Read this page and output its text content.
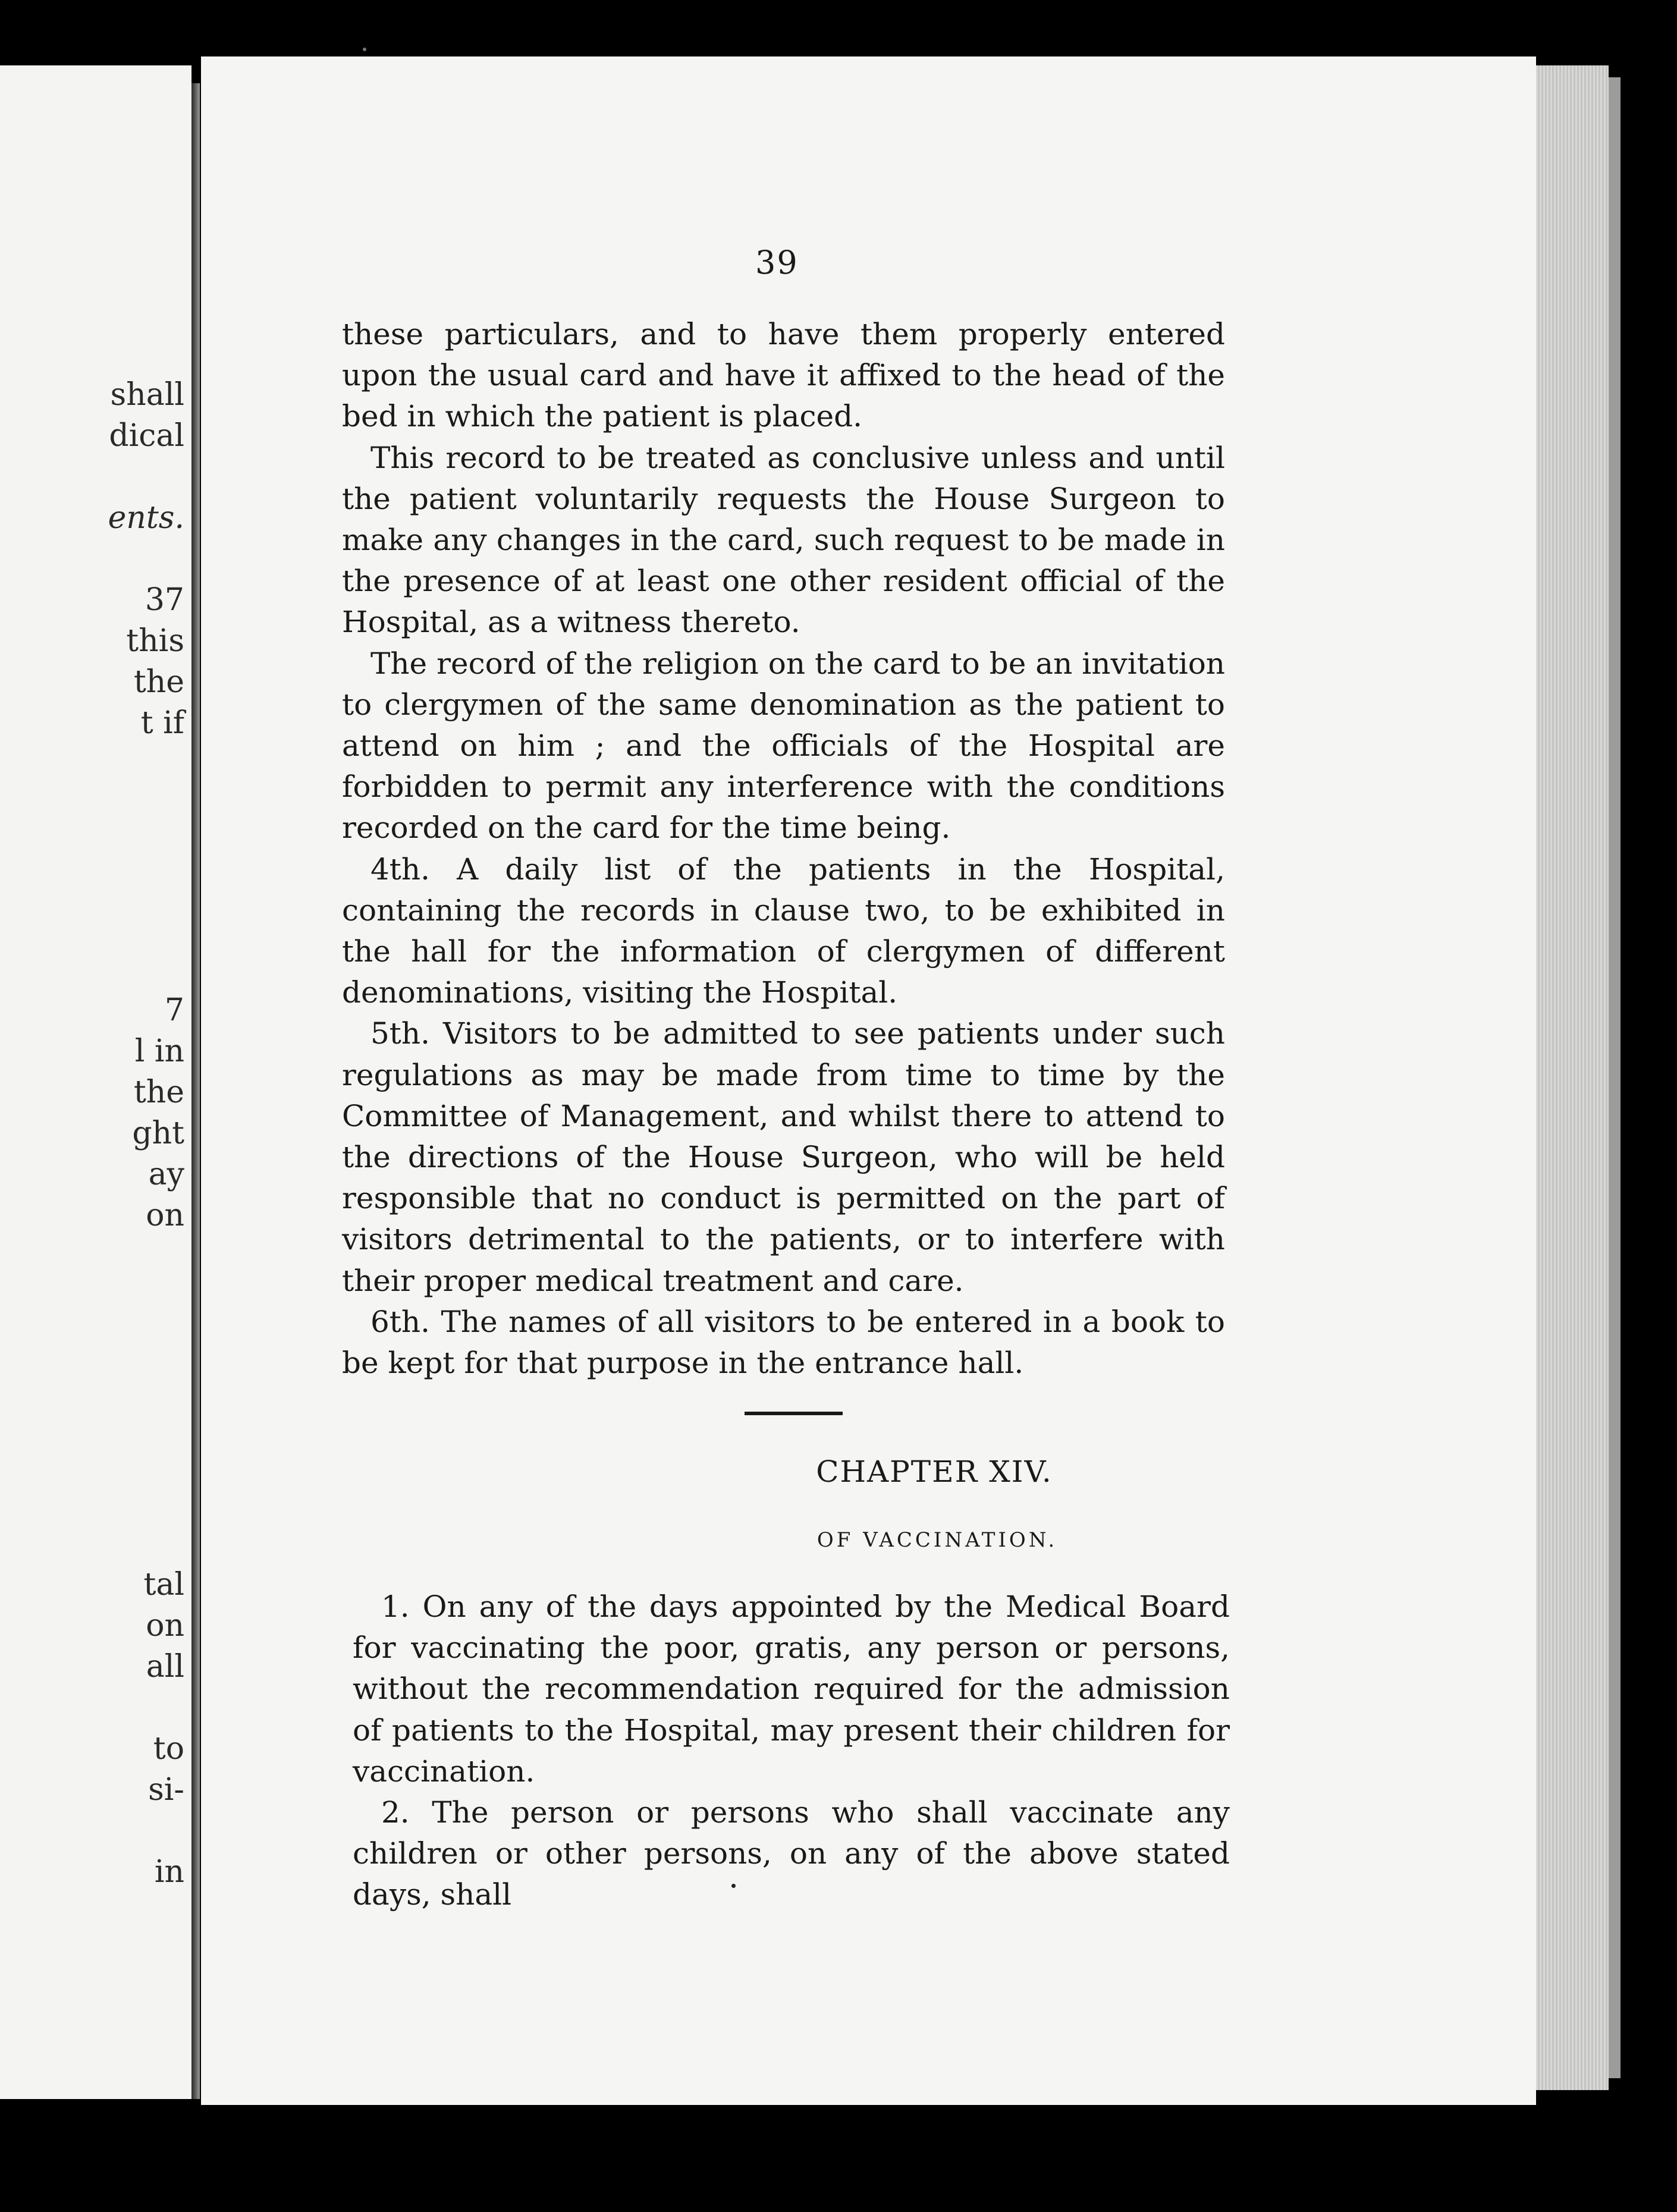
shall
dical

ents.

37
this
the
t if

7
l in
the
ght
ay
on

tal
on
all

to
si-

in
39

these particulars, and to have them properly entered upon the usual card and have it affixed to the head of the bed in which the patient is placed.

This record to be treated as conclusive unless and until the patient voluntarily requests the House Surgeon to make any changes in the card, such request to be made in the presence of at least one other resident official of the Hospital, as a witness thereto.

The record of the religion on the card to be an invitation to clergymen of the same denomination as the patient to attend on him ; and the officials of the Hospital are forbidden to permit any interference with the conditions recorded on the card for the time being.

4th. A daily list of the patients in the Hospital, containing the records in clause two, to be exhibited in the hall for the information of clergymen of different denominations, visiting the Hospital.

5th. Visitors to be admitted to see patients under such regulations as may be made from time to time by the Committee of Management, and whilst there to attend to the directions of the House Surgeon, who will be held responsible that no conduct is permitted on the part of visitors detrimental to the patients, or to interfere with their proper medical treatment and care.

6th. The names of all visitors to be entered in a book to be kept for that purpose in the entrance hall.

CHAPTER XIV.
OF VACCINATION.

1. On any of the days appointed by the Medical Board for vaccinating the poor, gratis, any person or persons, without the recommendation required for the admission of patients to the Hospital, may present their children for vaccination.

2. The person or persons who shall vaccinate any children or other persons, on any of the above stated days, shall
